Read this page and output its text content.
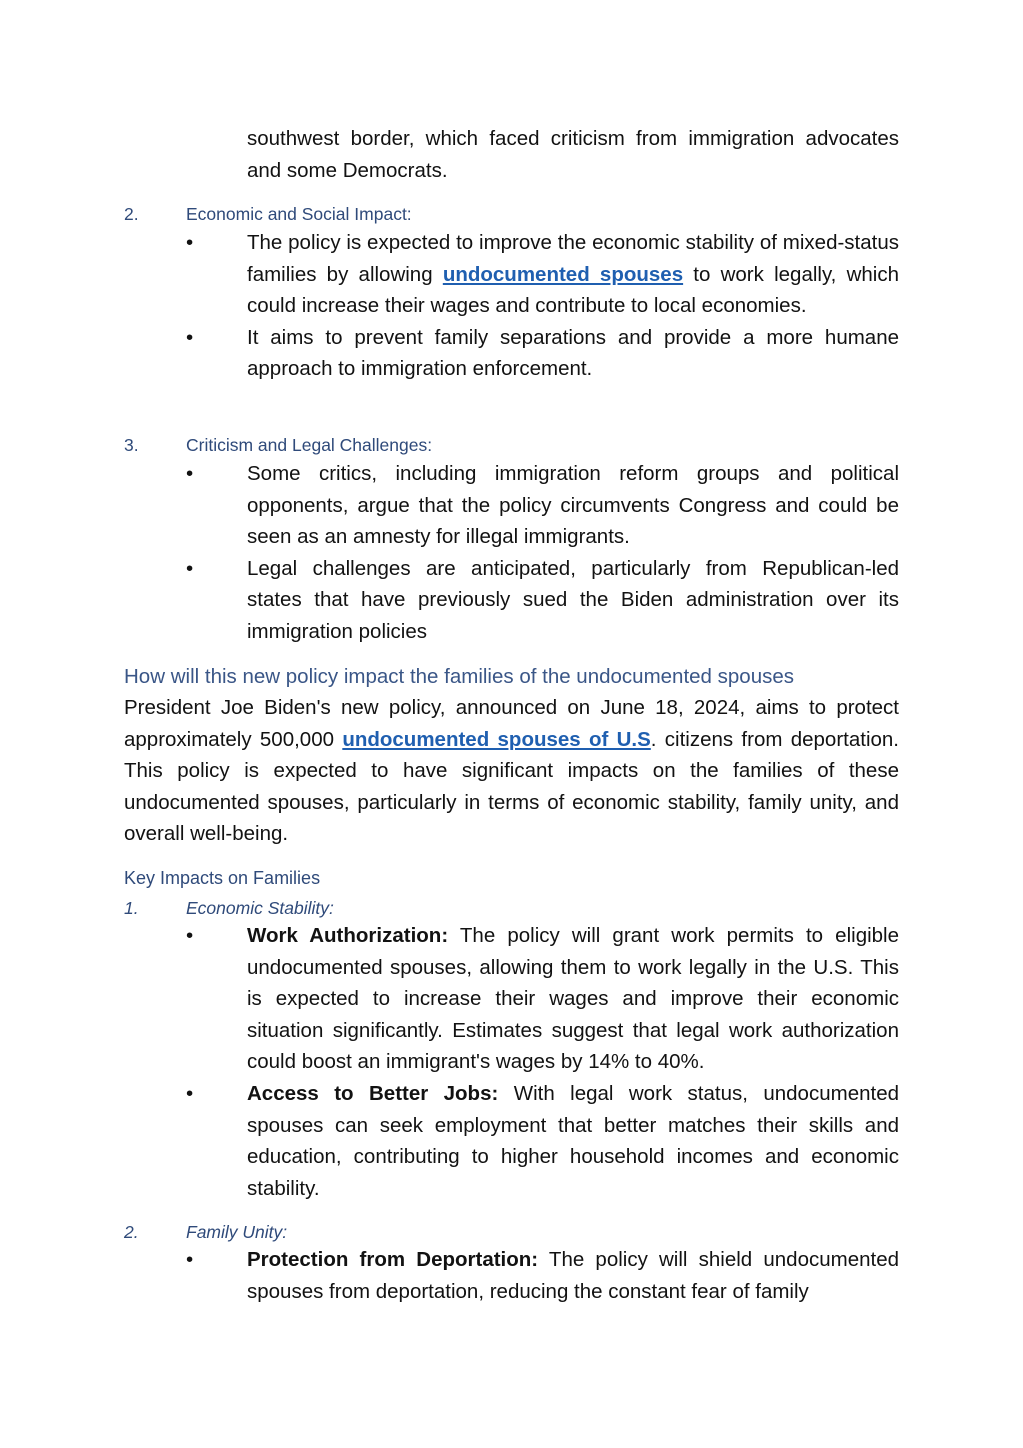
southwest border, which faced criticism from immigration advocates and some Democrats.
2.	Economic and Social Impact:
•	The policy is expected to improve the economic stability of mixed-status families by allowing undocumented spouses to work legally, which could increase their wages and contribute to local economies.
•	It aims to prevent family separations and provide a more humane approach to immigration enforcement.
3.	Criticism and Legal Challenges:
•	Some critics, including immigration reform groups and political opponents, argue that the policy circumvents Congress and could be seen as an amnesty for illegal immigrants.
•	Legal challenges are anticipated, particularly from Republican-led states that have previously sued the Biden administration over its immigration policies
How will this new policy impact the families of the undocumented spouses
President Joe Biden's new policy, announced on June 18, 2024, aims to protect approximately 500,000 undocumented spouses of U.S. citizens from deportation. This policy is expected to have significant impacts on the families of these undocumented spouses, particularly in terms of economic stability, family unity, and overall well-being.
Key Impacts on Families
1.	Economic Stability:
•	Work Authorization: The policy will grant work permits to eligible undocumented spouses, allowing them to work legally in the U.S. This is expected to increase their wages and improve their economic situation significantly. Estimates suggest that legal work authorization could boost an immigrant's wages by 14% to 40%.
•	Access to Better Jobs: With legal work status, undocumented spouses can seek employment that better matches their skills and education, contributing to higher household incomes and economic stability.
2.	Family Unity:
•	Protection from Deportation: The policy will shield undocumented spouses from deportation, reducing the constant fear of family
